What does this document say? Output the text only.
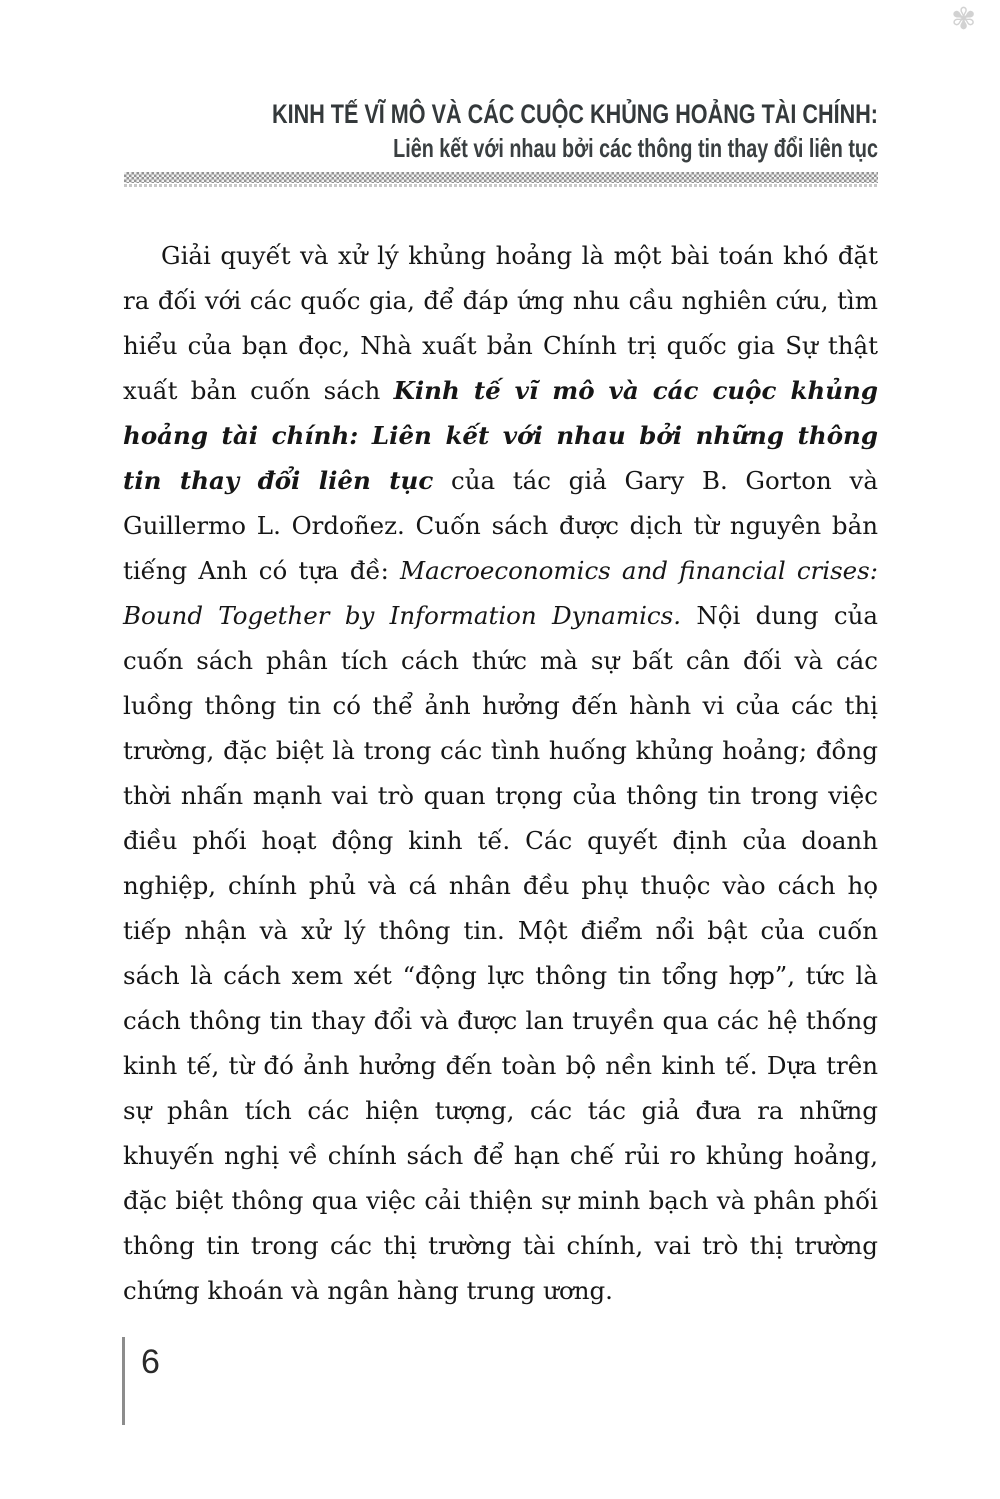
✾
KINH TẾ VĨ MÔ VÀ CÁC CUỘC KHỦNG HOẢNG TÀI CHÍNH:
Liên kết với nhau bởi các thông tin thay đổi liên tục

Giải quyết và xử lý khủng hoảng là một bài toán khó đặt ra đối với các quốc gia, để đáp ứng nhu cầu nghiên cứu, tìm hiểu của bạn đọc, Nhà xuất bản Chính trị quốc gia Sự thật xuất bản cuốn sách Kinh tế vĩ mô và các cuộc khủng hoảng tài chính: Liên kết với nhau bởi những thông tin thay đổi liên tục của tác giả Gary B. Gorton và Guillermo L. Ordoñez. Cuốn sách được dịch từ nguyên bản tiếng Anh có tựa đề: Macroeconomics and financial crises: Bound Together by Information Dynamics. Nội dung của cuốn sách phân tích cách thức mà sự bất cân đối và các luồng thông tin có thể ảnh hưởng đến hành vi của các thị trường, đặc biệt là trong các tình huống khủng hoảng; đồng thời nhấn mạnh vai trò quan trọng của thông tin trong việc điều phối hoạt động kinh tế. Các quyết định của doanh nghiệp, chính phủ và cá nhân đều phụ thuộc vào cách họ tiếp nhận và xử lý thông tin. Một điểm nổi bật của cuốn sách là cách xem xét “động lực thông tin tổng hợp”, tức là cách thông tin thay đổi và được lan truyền qua các hệ thống kinh tế, từ đó ảnh hưởng đến toàn bộ nền kinh tế. Dựa trên sự phân tích các hiện tượng, các tác giả đưa ra những khuyến nghị về chính sách để hạn chế rủi ro khủng hoảng, đặc biệt thông qua việc cải thiện sự minh bạch và phân phối thông tin trong các thị trường tài chính, vai trò thị trường chứng khoán và ngân hàng trung ương.

6
